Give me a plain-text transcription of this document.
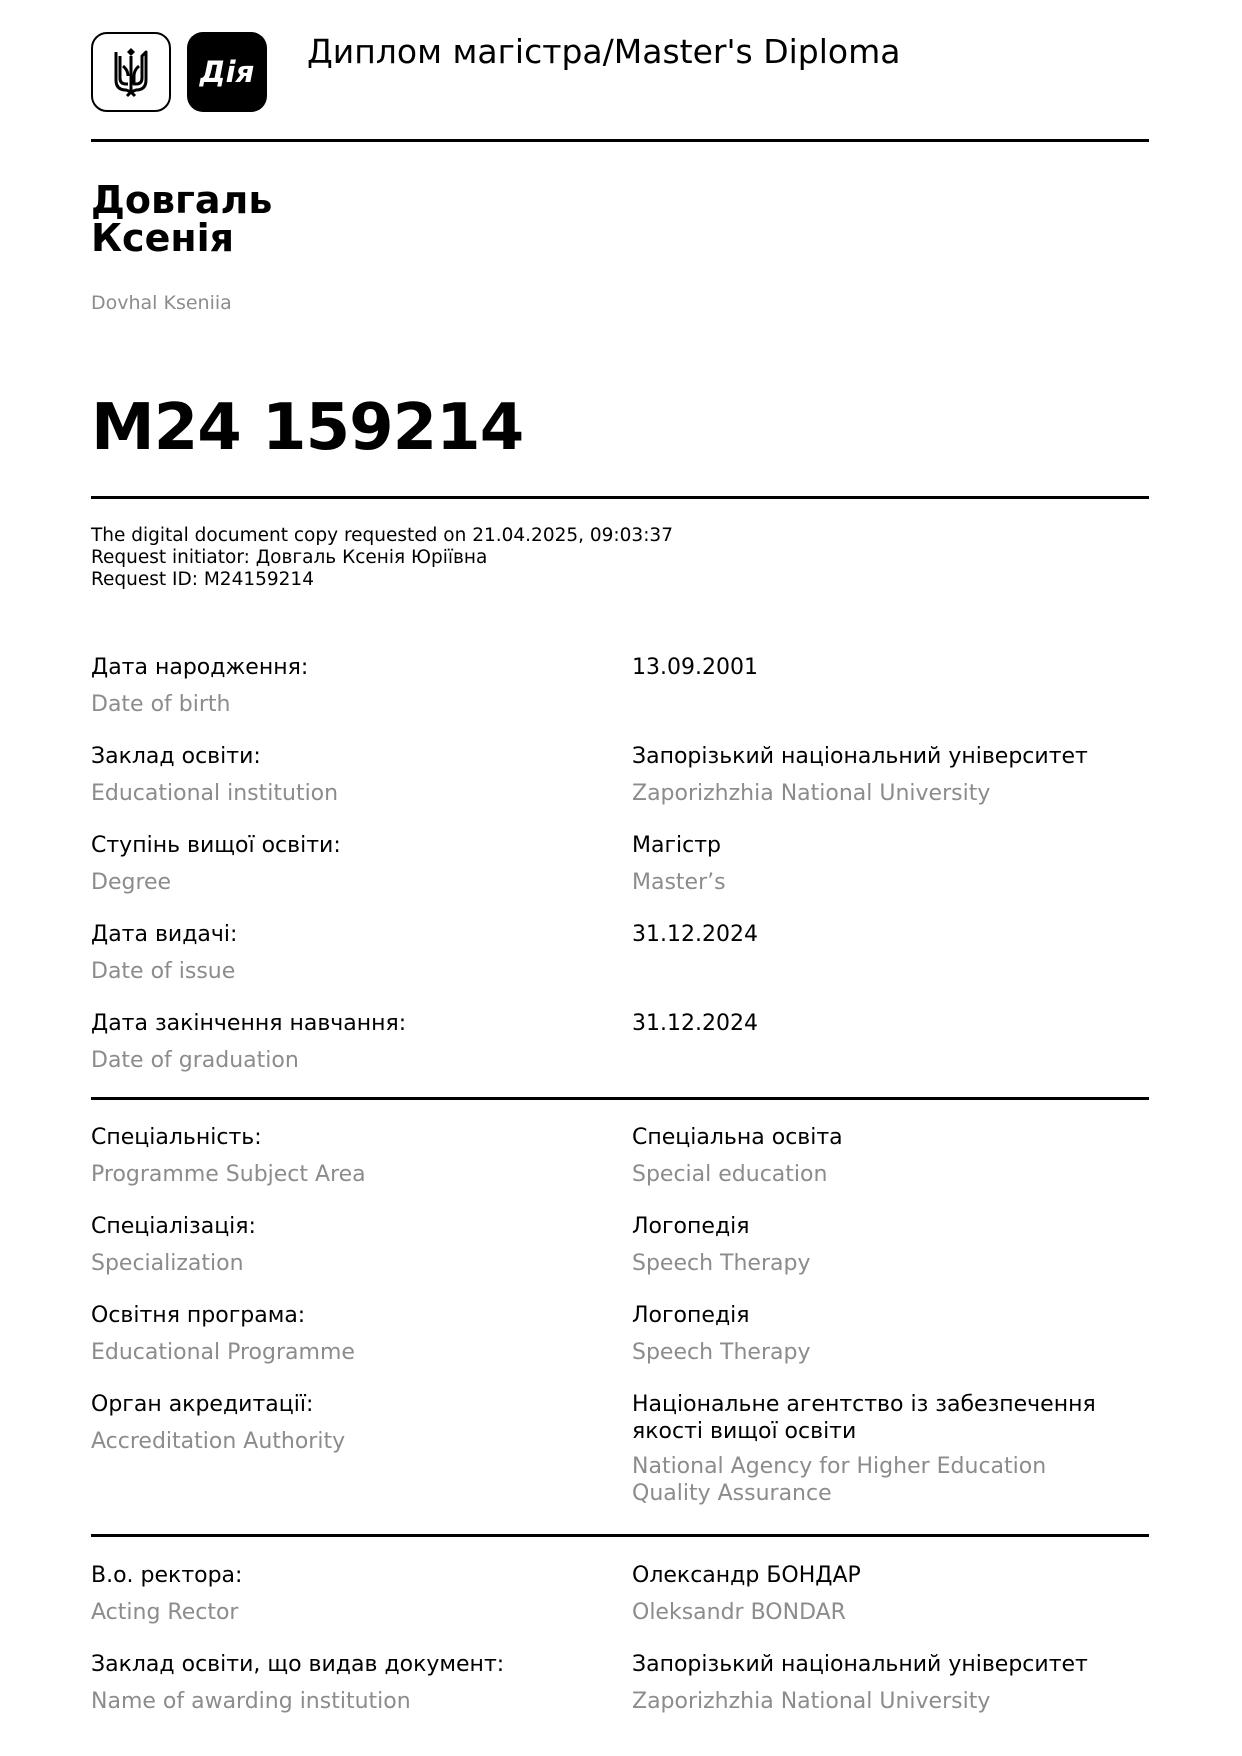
Дія
Диплом магістра/Master's Diploma
Довгаль
Ксенія
Dovhal Kseniia
M24 159214
The digital document copy requested on 21.04.2025, 09:03:37
Request initiator: Довгаль Ксенія Юріївна
Request ID: M24159214
Дата народження:
Date of birth
13.09.2001
Заклад освіти:
Educational institution
Запорізький національний університет
Zaporizhzhia National University
Ступінь вищої освіти:
Degree
Магістр
Master’s
Дата видачі:
Date of issue
31.12.2024
Дата закінчення навчання:
Date of graduation
31.12.2024
Спеціальність:
Programme Subject Area
Спеціальна освіта
Special education
Спеціалізація:
Specialization
Логопедія
Speech Therapy
Освітня програма:
Educational Programme
Логопедія
Speech Therapy
Орган акредитації:
Accreditation Authority
Національне агентство із забезпечення
якості вищої освіти
National Agency for Higher Education
Quality Assurance
В.о. ректора:
Acting Rector
Олександр БОНДАР
Oleksandr BONDAR
Заклад освіти, що видав документ:
Name of awarding institution
Запорізький національний університет
Zaporizhzhia National University
